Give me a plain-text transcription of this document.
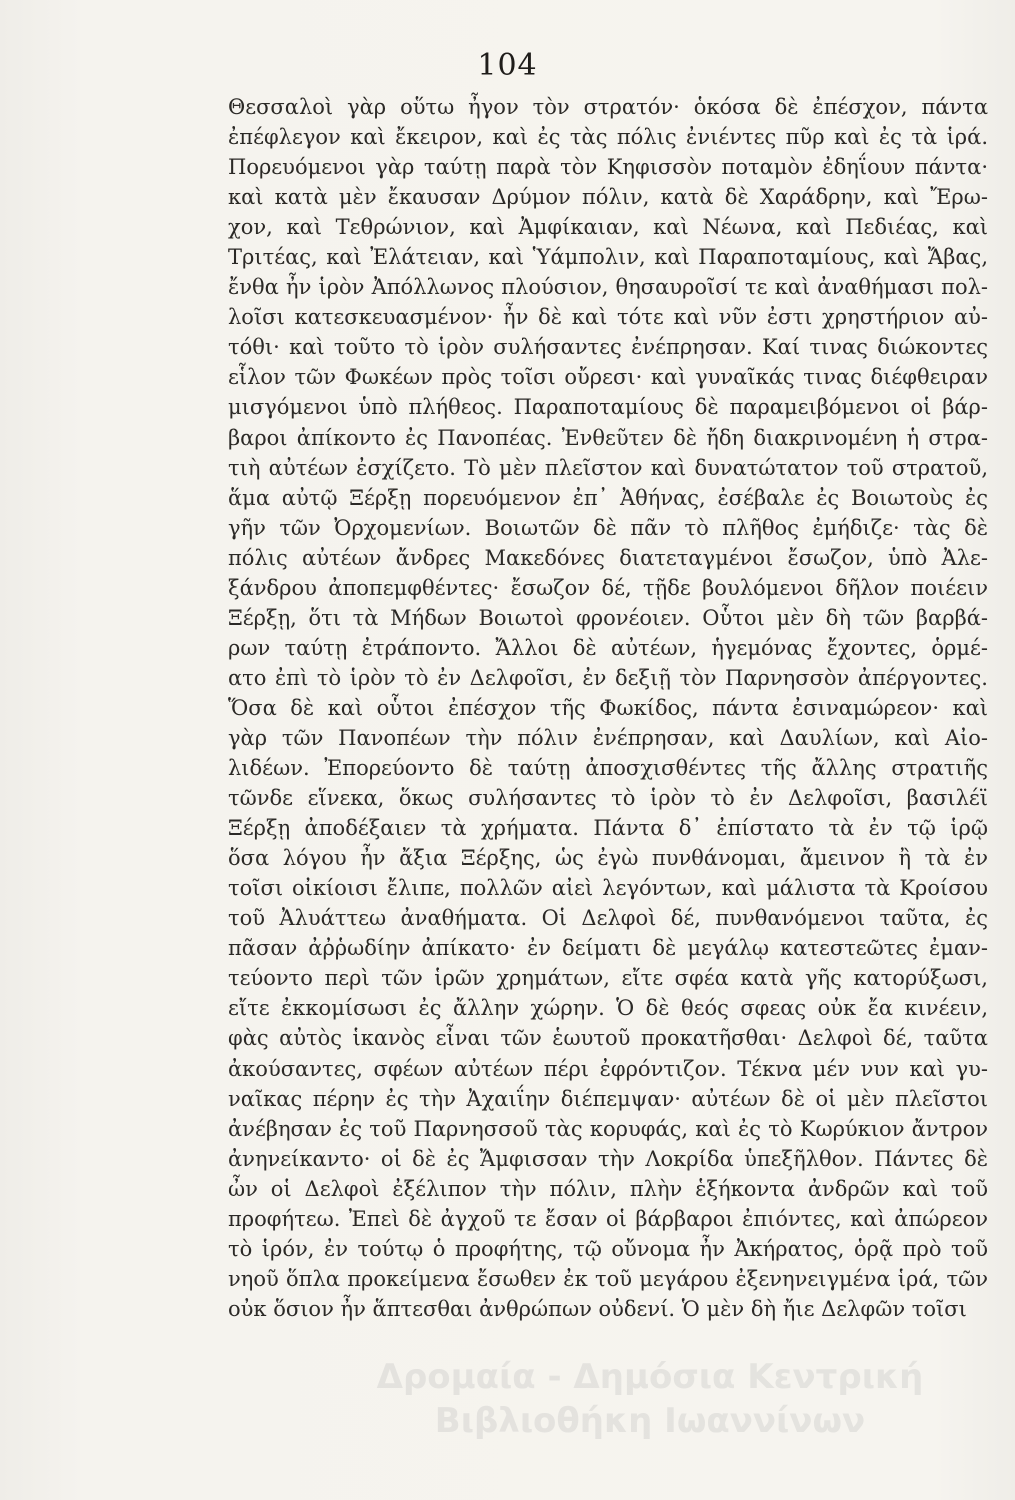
104
Θεσσαλοὶ γὰρ οὕτω ἦγον τὸν στρατόν· ὁκόσα δὲ ἐπέσχον, πάντα
ἐπέφλεγον καὶ ἔκειρον, καὶ ἐς τὰς πόλις ἐνιέντες πῦρ καὶ ἐς τὰ ἱρά.
Πορευόμενοι γὰρ ταύτῃ παρὰ τὸν Κηφισσὸν ποταμὸν ἐδηΐουν πάντα·
καὶ κατὰ μὲν ἔκαυσαν Δρύμον πόλιν, κατὰ δὲ Χαράδρην, καὶ Ἔρω-
χον, καὶ Τεθρώνιον, καὶ Ἀμφίκαιαν, καὶ Νέωνα, καὶ Πεδιέας, καὶ
Τριτέας, καὶ Ἐλάτειαν, καὶ Ὑάμπολιν, καὶ Παραποταμίους, καὶ Ἄβας,
ἔνθα ἦν ἱρὸν Ἀπόλλωνος πλούσιον, θησαυροῖσί τε καὶ ἀναθήμασι πολ-
λοῖσι κατεσκευασμένον· ἦν δὲ καὶ τότε καὶ νῦν ἐστι χρηστήριον αὐ-
τόθι· καὶ τοῦτο τὸ ἱρὸν συλήσαντες ἐνέπρησαν. Καί τινας διώκοντες
εἷλον τῶν Φωκέων πρὸς τοῖσι οὔρεσι· καὶ γυναῖκάς τινας διέφθειραν
μισγόμενοι ὑπὸ πλήθεος. Παραποταμίους δὲ παραμειβόμενοι οἱ βάρ-
βαροι ἀπίκοντο ἐς Πανοπέας. Ἐνθεῦτεν δὲ ἤδη διακρινομένη ἡ στρα-
τιὴ αὐτέων ἐσχίζετο. Τὸ μὲν πλεῖστον καὶ δυνατώτατον τοῦ στρατοῦ,
ἅμα αὐτῷ Ξέρξῃ πορευόμενον ἐπ᾽ Ἀθήνας, ἐσέβαλε ἐς Βοιωτοὺς ἐς
γῆν τῶν Ὀρχομενίων. Βοιωτῶν δὲ πᾶν τὸ πλῆθος ἐμήδιζε· τὰς δὲ
πόλις αὐτέων ἄνδρες Μακεδόνες διατεταγμένοι ἔσωζον, ὑπὸ Ἀλε-
ξάνδρου ἀποπεμφθέντες· ἔσωζον δέ, τῇδε βουλόμενοι δῆλον ποιέειν
Ξέρξῃ, ὅτι τὰ Μήδων Βοιωτοὶ φρονέοιεν. Οὗτοι μὲν δὴ τῶν βαρβά-
ρων ταύτῃ ἐτράποντο. Ἄλλοι δὲ αὐτέων, ἡγεμόνας ἔχοντες, ὁρμέ-
ατο ἐπὶ τὸ ἱρὸν τὸ ἐν Δελφοῖσι, ἐν δεξιῇ τὸν Παρνησσὸν ἀπέργοντες.
Ὅσα δὲ καὶ οὗτοι ἐπέσχον τῆς Φωκίδος, πάντα ἐσιναμώρεον· καὶ
γὰρ τῶν Πανοπέων τὴν πόλιν ἐνέπρησαν, καὶ Δαυλίων, καὶ Αἰο-
λιδέων. Ἐπορεύοντο δὲ ταύτῃ ἀποσχισθέντες τῆς ἄλλης στρατιῆς
τῶνδε εἵνεκα, ὅκως συλήσαντες τὸ ἱρὸν τὸ ἐν Δελφοῖσι, βασιλέϊ
Ξέρξῃ ἀποδέξαιεν τὰ χρήματα. Πάντα δ᾽ ἐπίστατο τὰ ἐν τῷ ἱρῷ
ὅσα λόγου ἦν ἄξια Ξέρξης, ὡς ἐγὼ πυνθάνομαι, ἄμεινον ἢ τὰ ἐν
τοῖσι οἰκίοισι ἔλιπε, πολλῶν αἰεὶ λεγόντων, καὶ μάλιστα τὰ Κροίσου
τοῦ Ἀλυάττεω ἀναθήματα. Οἱ Δελφοὶ δέ, πυνθανόμενοι ταῦτα, ἐς
πᾶσαν ἀῤῥωδίην ἀπίκατο· ἐν δείματι δὲ μεγάλῳ κατεστεῶτες ἐμαν-
τεύοντο περὶ τῶν ἱρῶν χρημάτων, εἴτε σφέα κατὰ γῆς κατορύξωσι,
εἴτε ἐκκομίσωσι ἐς ἄλλην χώρην. Ὁ δὲ θεός σφεας οὐκ ἔα κινέειν,
φὰς αὐτὸς ἱκανὸς εἶναι τῶν ἑωυτοῦ προκατῆσθαι· Δελφοὶ δέ, ταῦτα
ἀκούσαντες, σφέων αὐτέων πέρι ἐφρόντιζον. Τέκνα μέν νυν καὶ γυ-
ναῖκας πέρην ἐς τὴν Ἀχαιΐην διέπεμψαν· αὐτέων δὲ οἱ μὲν πλεῖστοι
ἀνέβησαν ἐς τοῦ Παρνησσοῦ τὰς κορυφάς, καὶ ἐς τὸ Κωρύκιον ἄντρον
ἀνηνείκαντο· οἱ δὲ ἐς Ἄμφισσαν τὴν Λοκρίδα ὑπεξῆλθον. Πάντες δὲ
ὦν οἱ Δελφοὶ ἐξέλιπον τὴν πόλιν, πλὴν ἑξήκοντα ἀνδρῶν καὶ τοῦ
προφήτεω. Ἐπεὶ δὲ ἀγχοῦ τε ἔσαν οἱ βάρβαροι ἐπιόντες, καὶ ἀπώρεον
τὸ ἱρόν, ἐν τούτῳ ὁ προφήτης, τῷ οὔνομα ἦν Ἀκήρατος, ὁρᾷ πρὸ τοῦ
νηοῦ ὅπλα προκείμενα ἔσωθεν ἐκ τοῦ μεγάρου ἐξενηνειγμένα ἱρά, τῶν
οὐκ ὅσιον ἦν ἅπτεσθαι ἀνθρώπων οὐδενί. Ὁ μὲν δὴ ἤιε Δελφῶν τοῖσι
Δρομαία - Δημόσια Κεντρική
Βιβλιοθήκη Ιωαννίνων
